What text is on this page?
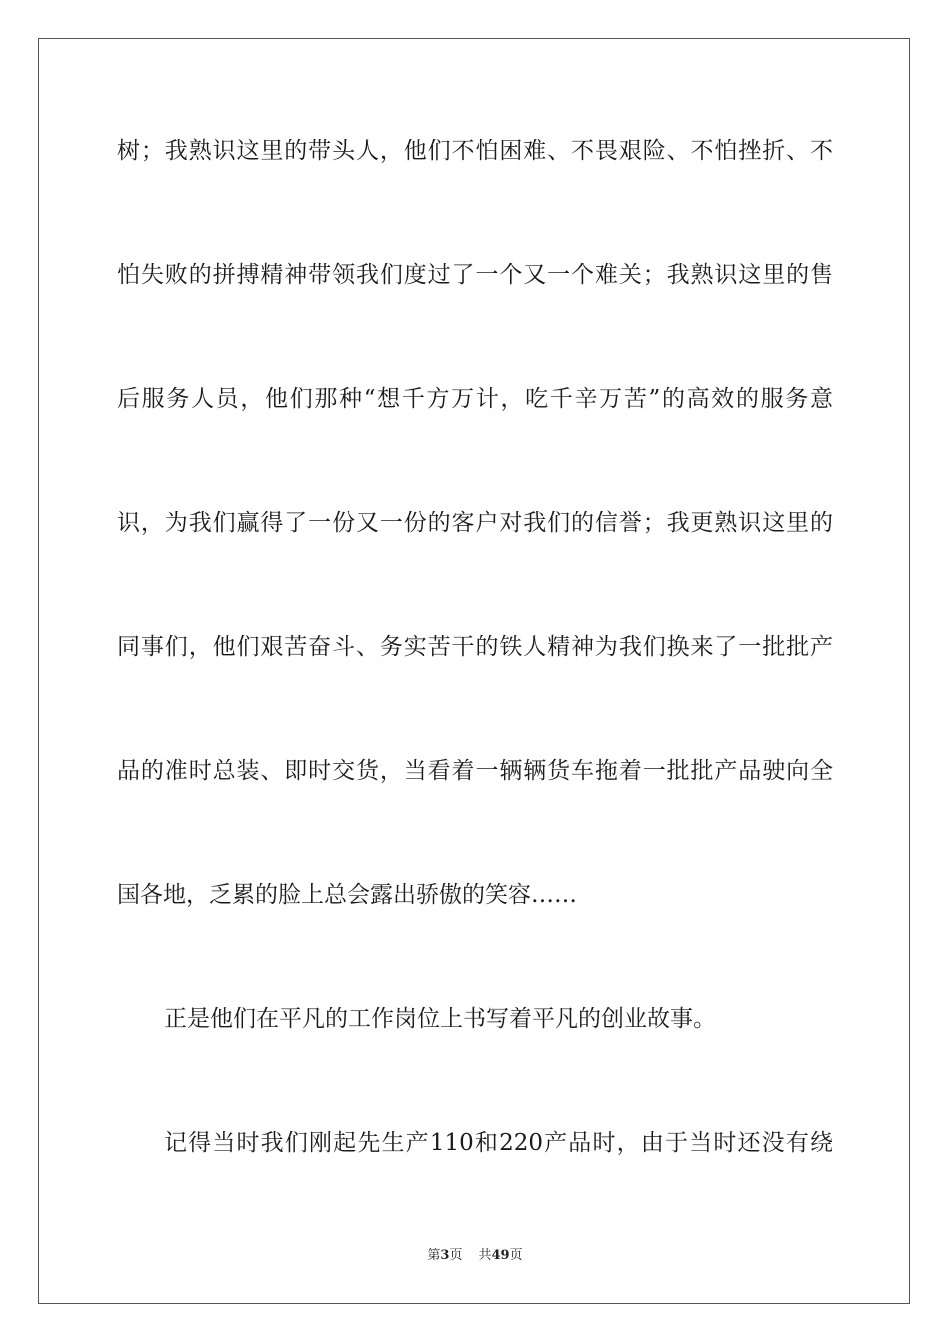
树；我熟识这里的带头人，他们不怕困难、不畏艰险、不怕挫折、不
怕失败的拼搏精神带领我们度过了一个又一个难关；我熟识这里的售
后服务人员，他们那种“想千方万计，吃千辛万苦”的高效的服务意
识，为我们赢得了一份又一份的客户对我们的信誉；我更熟识这里的
同事们，他们艰苦奋斗、务实苦干的铁人精神为我们换来了一批批产
品的准时总装、即时交货，当看着一辆辆货车拖着一批批产品驶向全
国各地，乏累的脸上总会露出骄傲的笑容……
正是他们在平凡的工作岗位上书写着平凡的创业故事。
记得当时我们刚起先生产110和220产品时，由于当时还没有绕
第3页 共49页
